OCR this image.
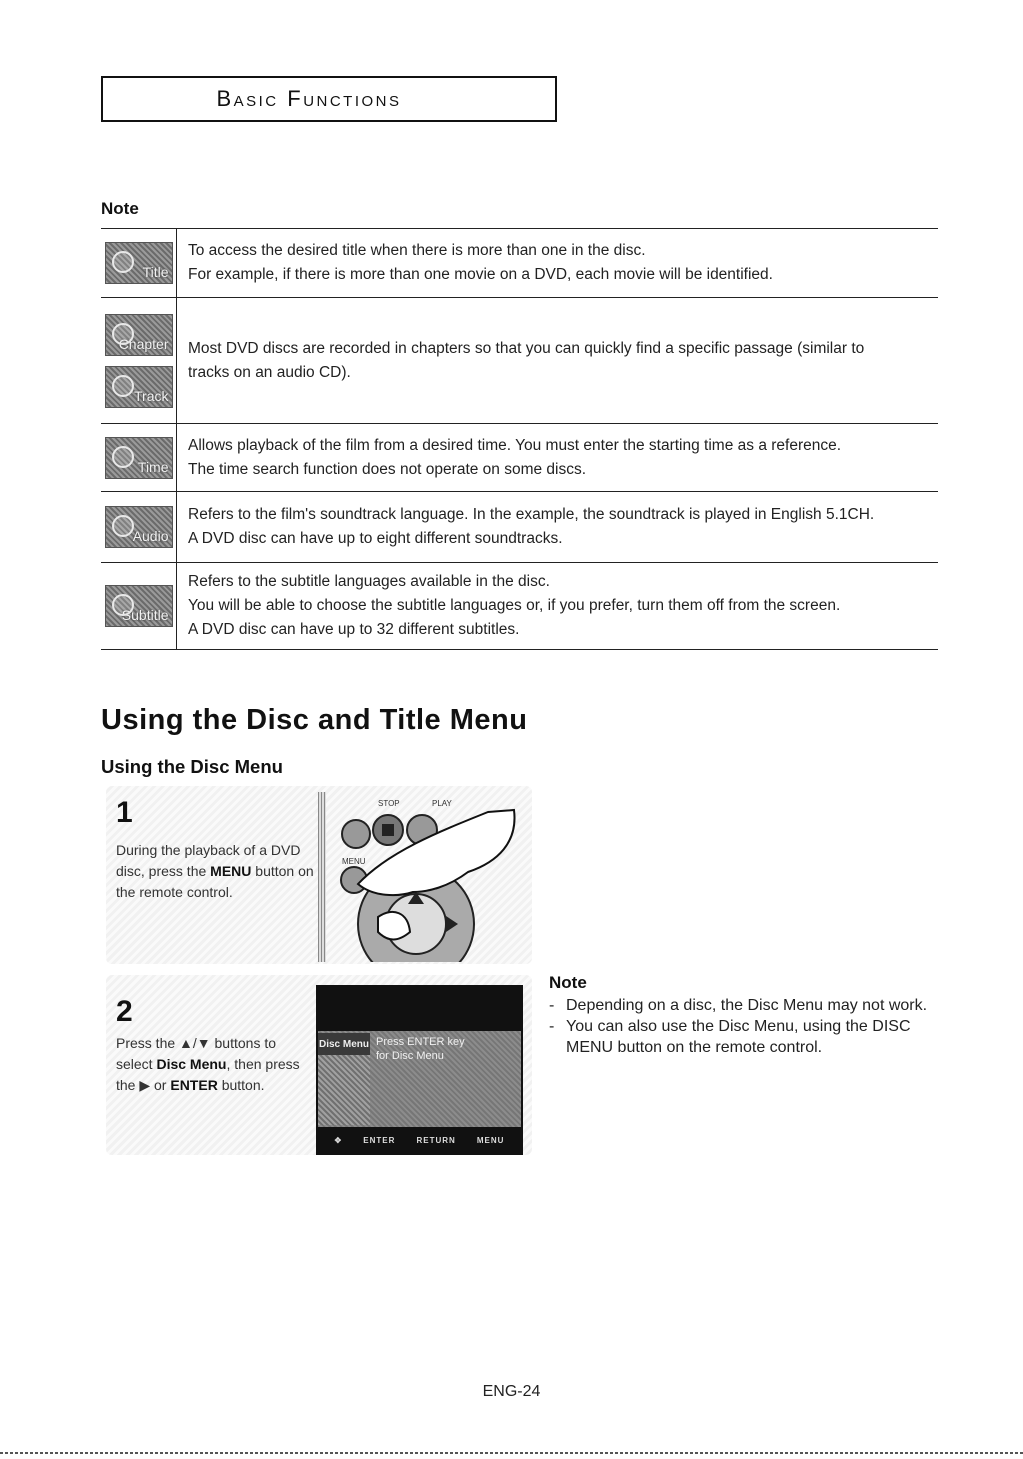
Basic Functions
Note
Title
To access the desired title when there is more than one in the disc.
For example, if there is more than one movie on a DVD, each movie will be identified.
Chapter
Track
Most DVD discs are recorded in chapters so that you can quickly find a specific passage (similar to
tracks on an audio CD).
Time
Allows playback of the film from a desired time. You must enter the starting time as a reference.
The time search function does not operate on some discs.
Audio
Refers to the film's soundtrack language. In the example, the soundtrack is played in English 5.1CH.
A DVD disc can have up to eight different soundtracks.
Subtitle
Refers to the subtitle languages available in the disc.
You will be able to choose the subtitle languages or, if you prefer, turn them off from the screen.
A DVD disc can have up to 32 different subtitles.
Using the Disc and Title Menu
Using the Disc Menu
1
During the playback of a DVD disc, press the MENU button on the remote control.
STOP	PLAY
MENU
2
Press the ▲/▼ buttons to select Disc Menu, then press the ▶ or ENTER button.
Disc Menu Press ENTER key
for Disc Menu
✥	ENTER	RETURN	MENU
Note
- Depending on a disc, the Disc Menu may not work.
- You can also use the Disc Menu, using the DISC MENU button on the remote control.
ENG-24
